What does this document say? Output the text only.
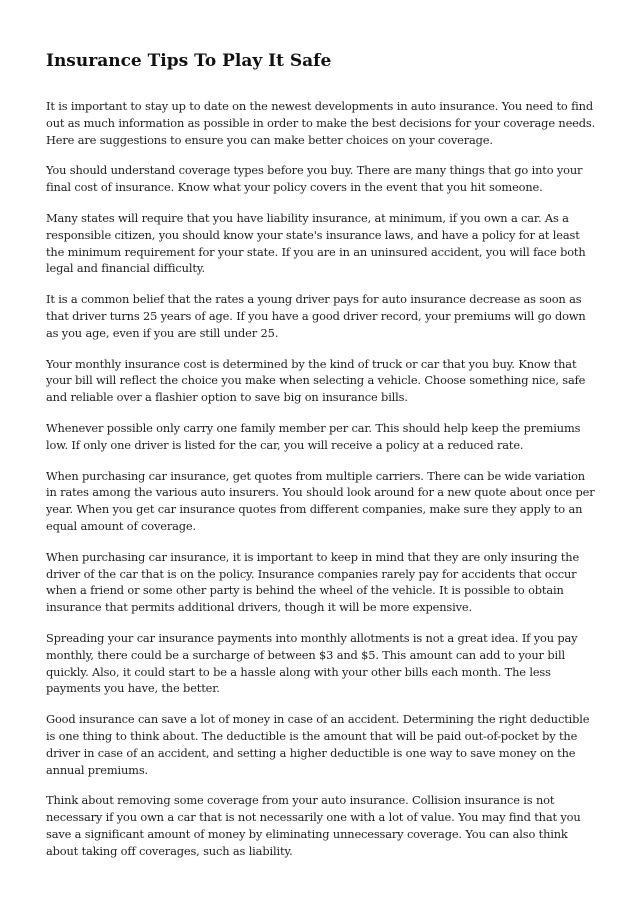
Insurance Tips To Play It Safe

It is important to stay up to date on the newest developments in auto insurance. You need to find out as much information as possible in order to make the best decisions for your coverage needs. Here are suggestions to ensure you can make better choices on your coverage.

You should understand coverage types before you buy. There are many things that go into your final cost of insurance. Know what your policy covers in the event that you hit someone.

Many states will require that you have liability insurance, at minimum, if you own a car. As a responsible citizen, you should know your state's insurance laws, and have a policy for at least the minimum requirement for your state. If you are in an uninsured accident, you will face both legal and financial difficulty.

It is a common belief that the rates a young driver pays for auto insurance decrease as soon as that driver turns 25 years of age. If you have a good driver record, your premiums will go down as you age, even if you are still under 25.

Your monthly insurance cost is determined by the kind of truck or car that you buy. Know that your bill will reflect the choice you make when selecting a vehicle. Choose something nice, safe and reliable over a flashier option to save big on insurance bills.

Whenever possible only carry one family member per car. This should help keep the premiums low. If only one driver is listed for the car, you will receive a policy at a reduced rate.

When purchasing car insurance, get quotes from multiple carriers. There can be wide variation in rates among the various auto insurers. You should look around for a new quote about once per year. When you get car insurance quotes from different companies, make sure they apply to an equal amount of coverage.

When purchasing car insurance, it is important to keep in mind that they are only insuring the driver of the car that is on the policy. Insurance companies rarely pay for accidents that occur when a friend or some other party is behind the wheel of the vehicle. It is possible to obtain insurance that permits additional drivers, though it will be more expensive.

Spreading your car insurance payments into monthly allotments is not a great idea. If you pay monthly, there could be a surcharge of between $3 and $5. This amount can add to your bill quickly. Also, it could start to be a hassle along with your other bills each month. The less payments you have, the better.

Good insurance can save a lot of money in case of an accident. Determining the right deductible is one thing to think about. The deductible is the amount that will be paid out-of-pocket by the driver in case of an accident, and setting a higher deductible is one way to save money on the annual premiums.

Think about removing some coverage from your auto insurance. Collision insurance is not necessary if you own a car that is not necessarily one with a lot of value. You may find that you save a significant amount of money by eliminating unnecessary coverage. You can also think about taking off coverages, such as liability.
